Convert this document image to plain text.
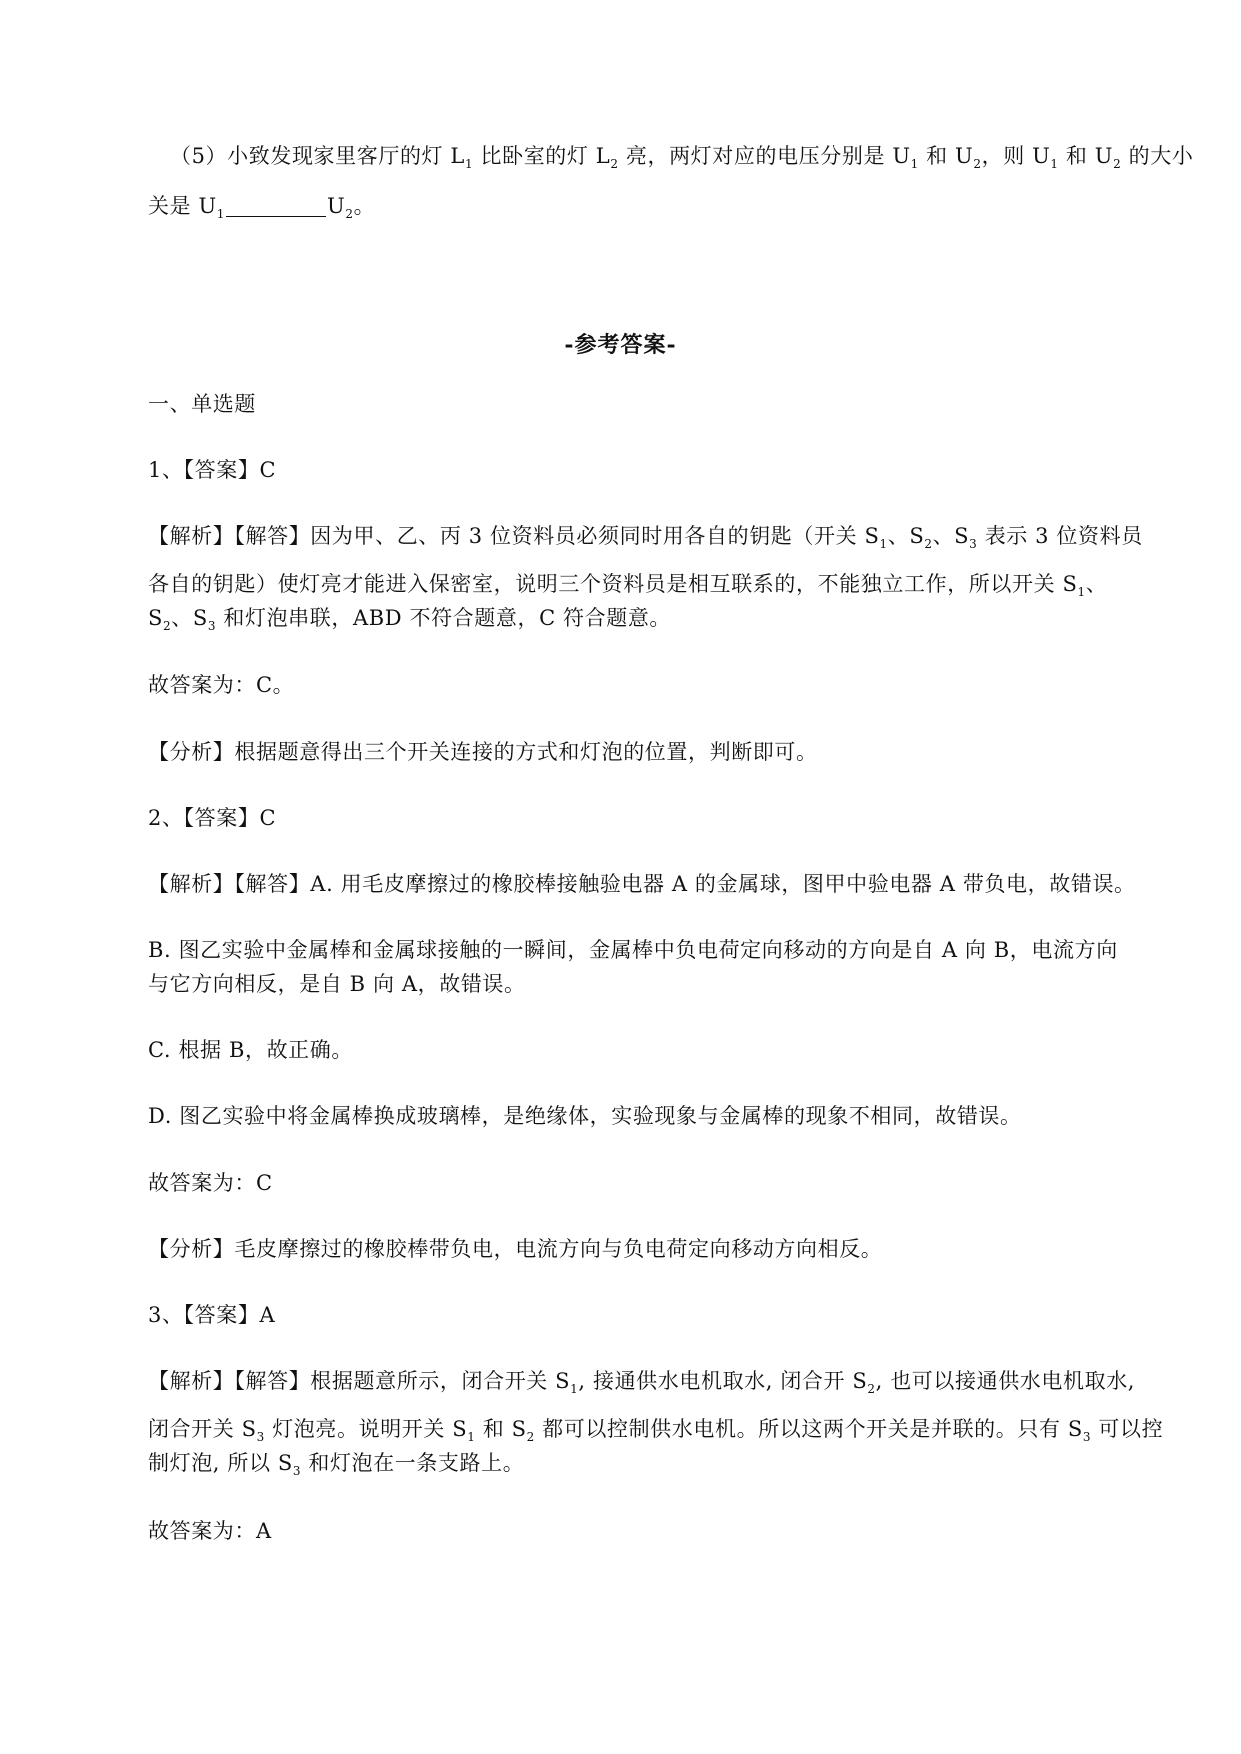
（5）小致发现家里客厅的灯 $L_1$ 比卧室的灯 $L_2$ 亮，两灯对应的电压分别是 $U_1$ 和 $U_2$，则 $U_1$ 和 $U_2$ 的大小
关是 $U_1$	$U_2$。
-参考答案-
一、单选题
1、【答案】C
【解析】【解答】因为甲、乙、丙 3 位资料员必须同时用各自的钥匙（开关 $S_1$、$S_2$、$S_3$ 表示 3 位资料员
各自的钥匙）使灯亮才能进入保密室，说明三个资料员是相互联系的，不能独立工作，所以开关 $S_1$、
$S_2$、$S_3$ 和灯泡串联，ABD 不符合题意，C 符合题意。
故答案为：C。
【分析】根据题意得出三个开关连接的方式和灯泡的位置，判断即可。
2、【答案】C
【解析】【解答】A. 用毛皮摩擦过的橡胶棒接触验电器 A 的金属球，图甲中验电器 A 带负电，故错误。
B. 图乙实验中金属棒和金属球接触的一瞬间，金属棒中负电荷定向移动的方向是自 A 向 B，电流方向
与它方向相反，是自 B 向 A，故错误。
C. 根据 B，故正确。
D. 图乙实验中将金属棒换成玻璃棒，是绝缘体，实验现象与金属棒的现象不相同，故错误。
故答案为：C
【分析】毛皮摩擦过的橡胶棒带负电，电流方向与负电荷定向移动方向相反。
3、【答案】A
【解析】【解答】根据题意所示，闭合开关 $S_1$, 接通供水电机取水, 闭合开 $S_2$, 也可以接通供水电机取水,
闭合开关 $S_3$ 灯泡亮。说明开关 $S_1$ 和 $S_2$ 都可以控制供水电机。所以这两个开关是并联的。只有 $S_3$ 可以控
制灯泡, 所以 $S_3$ 和灯泡在一条支路上。
故答案为：A
